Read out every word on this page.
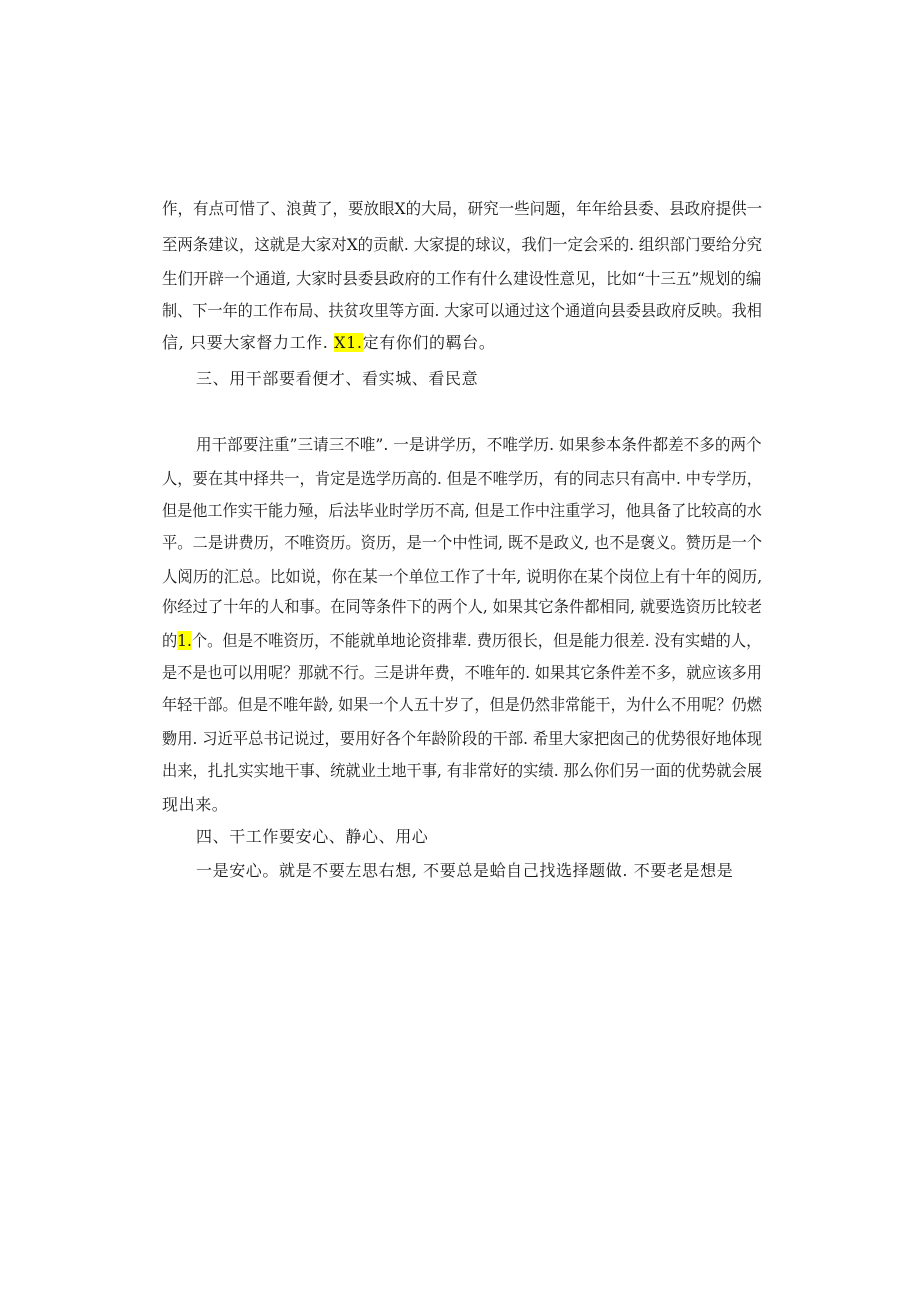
作，有点可惜了、浪黄了，要放眼X的大局，研究一些问题，年年给县委、县政府提供一
至两条建议，这就是大家对X的贡献. 大家提的球议，我们一定会采的. 组织部门要给分究
生们开辟一个通道, 大家时县委县政府的工作有什么建设性意见，比如“十三五”规划的编
制、下一年的工作布局、扶贫攻里等方面. 大家可以通过这个通道向县委县政府反映。我相
信, 只要大家督力工作. X1.定有你们的羁台。
三、用干部要看便才、看实城、看民意
用干部要注重”三请三不唯”. 一是讲学历，不唯学历. 如果参本条件都差不多的两个
人，要在其中择共一，肯定是选学历高的. 但是不唯学历，有的同志只有高中. 中专学历，
但是他工作实干能力殛，后法毕业时学历不高, 但是工作中注重学习，他具备了比较高的水
平。二是讲费历，不唯资历。资历，是一个中性词, 既不是政义, 也不是褒义。赞历是一个
人阅历的汇总。比如说，你在某一个单位工作了十年, 说明你在某个岗位上有十年的阅历,
你经过了十年的人和事。在同等条件下的两个人, 如果其它条件都相同, 就要选资历比较老
的1.个。但是不唯资历，不能就单地论资排辈. 费历很长，但是能力很差. 没有实蜡的人，
是不是也可以用呢？那就不行。三是讲年费，不唯年的. 如果其它条件差不多，就应该多用
年轻干部。但是不唯年龄, 如果一个人五十岁了，但是仍然非常能干，为什么不用呢？仍燃
覅用. 习近平总书记说过，要用好各个年龄阶段的干部. 希里大家把囱己的优势很好地体现
出来，扎扎实实地干事、统就业土地干事, 有非常好的实绩. 那么你们另一面的优势就会展
现出来。
四、干工作要安心、静心、用心
一是安心。就是不要左思右想, 不要总是蛤自己找选择题做. 不要老是想是
